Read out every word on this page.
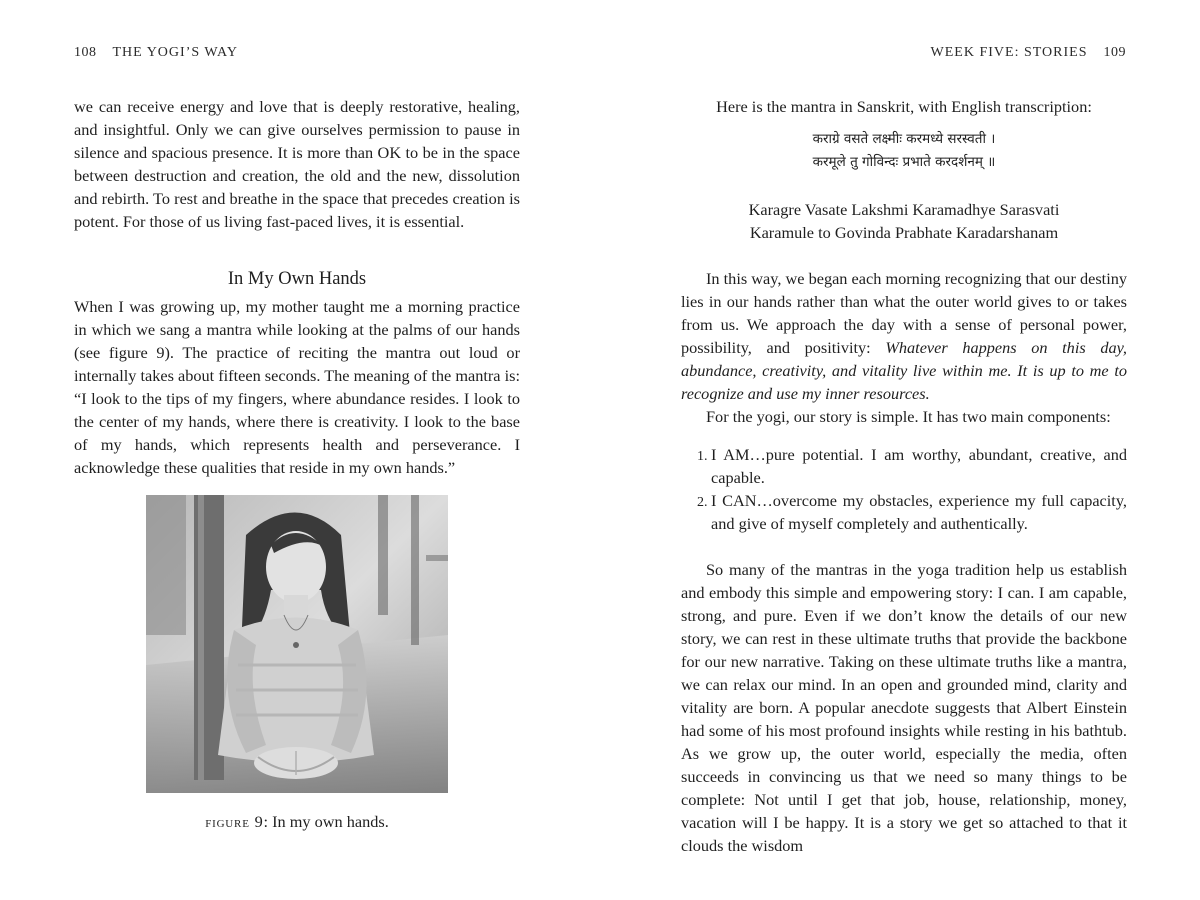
108 THE YOGI’S WAY

we can receive energy and love that is deeply restorative, healing, and insightful. Only we can give ourselves permission to pause in silence and spacious presence. It is more than OK to be in the space between destruction and creation, the old and the new, dissolution and rebirth. To rest and breathe in the space that precedes creation is potent. For those of us living fast-paced lives, it is essential.

In My Own Hands

When I was growing up, my mother taught me a morning practice in which we sang a mantra while looking at the palms of our hands (see figure 9). The practice of reciting the mantra out loud or internally takes about fifteen seconds. The meaning of the mantra is: “I look to the tips of my fingers, where abundance resides. I look to the center of my hands, where there is creativity. I look to the base of my hands, which represents health and perseverance. I acknowledge these qualities that reside in my own hands.”

figure 9: In my own hands.
WEEK FIVE: STORIES 109

Here is the mantra in Sanskrit, with English transcription:

कराग्रे वसते लक्ष्मीः करमध्ये सरस्वती ।
करमूले तु गोविन्दः प्रभाते करदर्शनम् ॥
Karagre Vasate Lakshmi Karamadhye Sarasvati
Karamule to Govinda Prabhate Karadarshanam

In this way, we began each morning recognizing that our destiny lies in our hands rather than what the outer world gives to or takes from us. We approach the day with a sense of personal power, possibility, and positivity: Whatever happens on this day, abundance, creativity, and vitality live within me. It is up to me to recognize and use my inner resources.

For the yogi, our story is simple. It has two main components:

1. I AM…pure potential. I am worthy, abundant, creative, and capable.
2. I CAN…overcome my obstacles, experience my full capacity, and give of myself completely and authentically.

So many of the mantras in the yoga tradition help us establish and embody this simple and empowering story: I can. I am capable, strong, and pure. Even if we don’t know the details of our new story, we can rest in these ultimate truths that provide the backbone for our new narrative. Taking on these ultimate truths like a mantra, we can relax our mind. In an open and grounded mind, clarity and vitality are born. A popular anecdote suggests that Albert Einstein had some of his most profound insights while resting in his bathtub. As we grow up, the outer world, especially the media, often succeeds in convincing us that we need so many things to be complete: Not until I get that job, house, relationship, money, vacation will I be happy. It is a story we get so attached to that it clouds the wisdom
